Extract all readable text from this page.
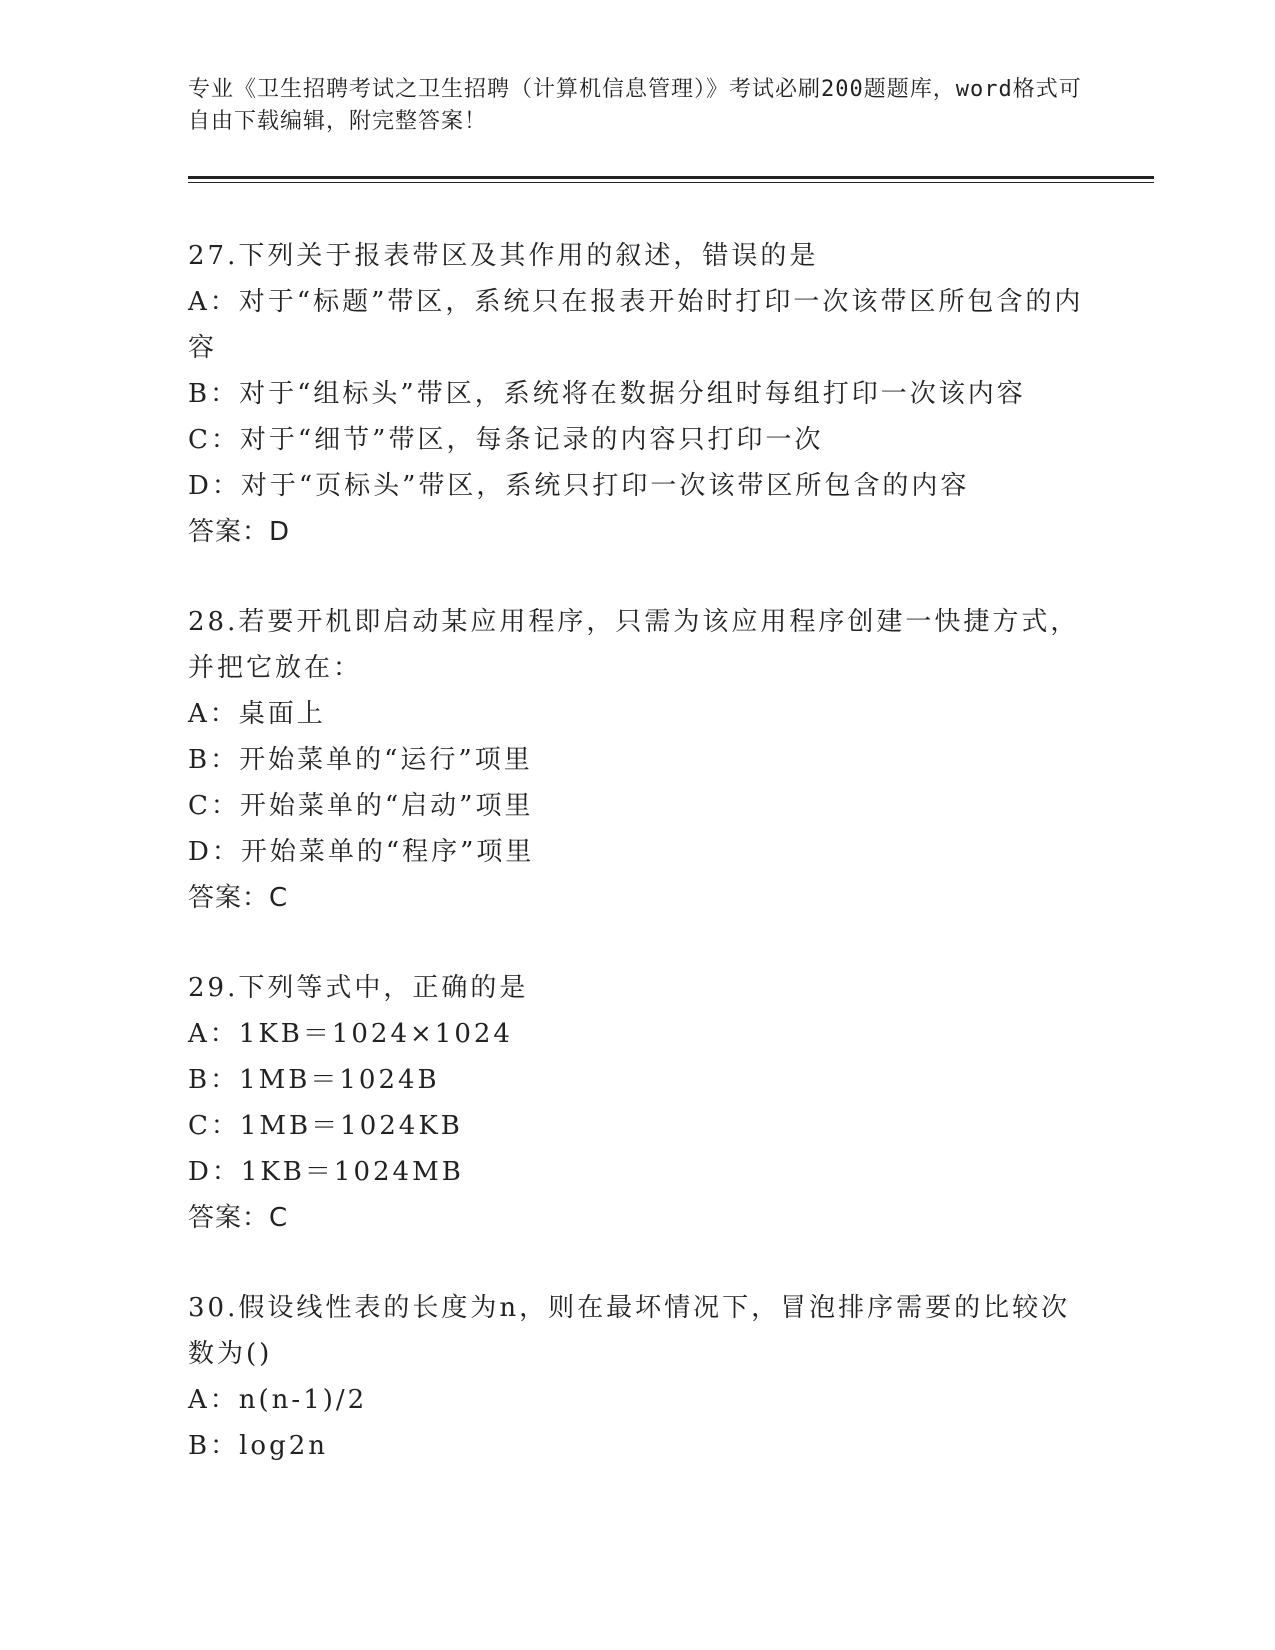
专业《卫生招聘考试之卫生招聘（计算机信息管理）》考试必刷200题题库，word格式可自由下载编辑，附完整答案！

27.下列关于报表带区及其作用的叙述，错误的是

A：对于“标题”带区，系统只在报表开始时打印一次该带区所包含的内容

B：对于“组标头”带区，系统将在数据分组时每组打印一次该内容

C：对于“细节”带区，每条记录的内容只打印一次

D：对于“页标头”带区，系统只打印一次该带区所包含的内容

答案：D

28.若要开机即启动某应用程序，只需为该应用程序创建一快捷方式，并把它放在：

A：桌面上

B：开始菜单的“运行”项里

C：开始菜单的“启动”项里

D：开始菜单的“程序”项里

答案：C

29.下列等式中，正确的是

A：1KB＝1024×1024

B：1MB＝1024B

C：1MB＝1024KB

D：1KB＝1024MB

答案：C

30.假设线性表的长度为n，则在最坏情况下，冒泡排序需要的比较次数为()

A：n(n-1)/2

B：log2n
